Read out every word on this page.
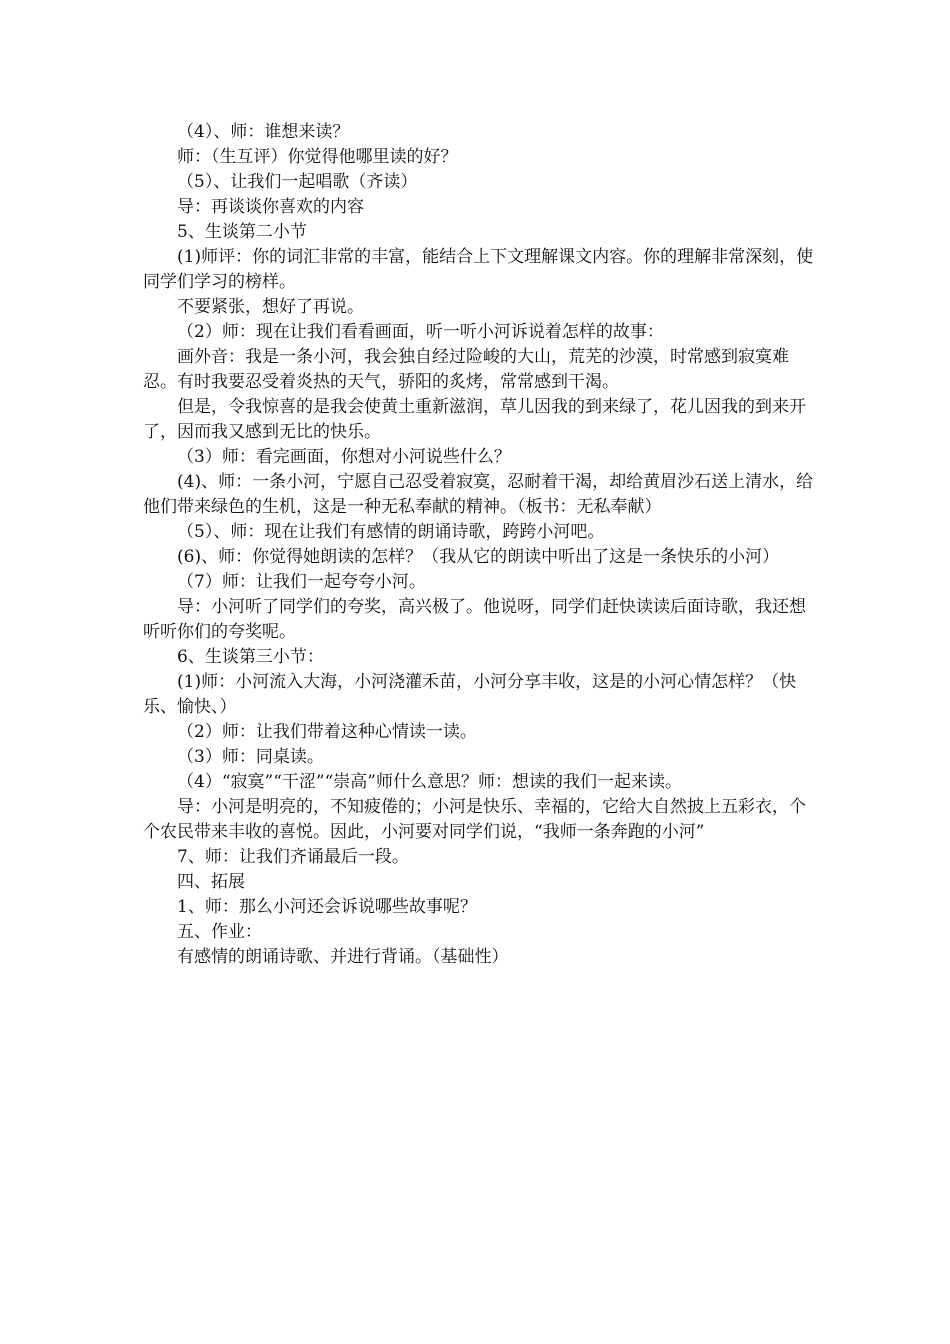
（4）、师：谁想来读？

师：（生互评）你觉得他哪里读的好？

（5）、让我们一起唱歌（齐读）

导：再谈谈你喜欢的内容

5、生谈第二小节

(1)师评：你的词汇非常的丰富，能结合上下文理解课文内容。你的理解非常深刻，使同学们学习的榜样。

不要紧张，想好了再说。

（2）师：现在让我们看看画面，听一听小河诉说着怎样的故事：

画外音：我是一条小河，我会独自经过险峻的大山，荒芜的沙漠，时常感到寂寞难忍。有时我要忍受着炎热的天气，骄阳的炙烤，常常感到干渴。

但是，令我惊喜的是我会使黄土重新滋润，草儿因我的到来绿了，花儿因我的到来开了，因而我又感到无比的快乐。

（3）师：看完画面，你想对小河说些什么？

(4)、师：一条小河，宁愿自己忍受着寂寞，忍耐着干渴，却给黄眉沙石送上清水，给他们带来绿色的生机，这是一种无私奉献的精神。（板书：无私奉献）

（5）、师：现在让我们有感情的朗诵诗歌，跨跨小河吧。

(6)、师：你觉得她朗读的怎样？（我从它的朗读中听出了这是一条快乐的小河）

（7）师：让我们一起夸夸小河。

导：小河听了同学们的夸奖，高兴极了。他说呀，同学们赶快读读后面诗歌，我还想听听你们的夸奖呢。

6、生谈第三小节：

(1)师：小河流入大海，小河浇灌禾苗，小河分享丰收，这是的小河心情怎样？（快乐、愉快、）

（2）师：让我们带着这种心情读一读。

（3）师：同桌读。

（4）“寂寞”“干涩”“崇高”师什么意思？师：想读的我们一起来读。

导：小河是明亮的，不知疲倦的；小河是快乐、幸福的，它给大自然披上五彩衣，个个农民带来丰收的喜悦。因此，小河要对同学们说，“我师一条奔跑的小河”

7、师：让我们齐诵最后一段。

四、拓展

1、师：那么小河还会诉说哪些故事呢？

五、作业：

有感情的朗诵诗歌、并进行背诵。（基础性）
